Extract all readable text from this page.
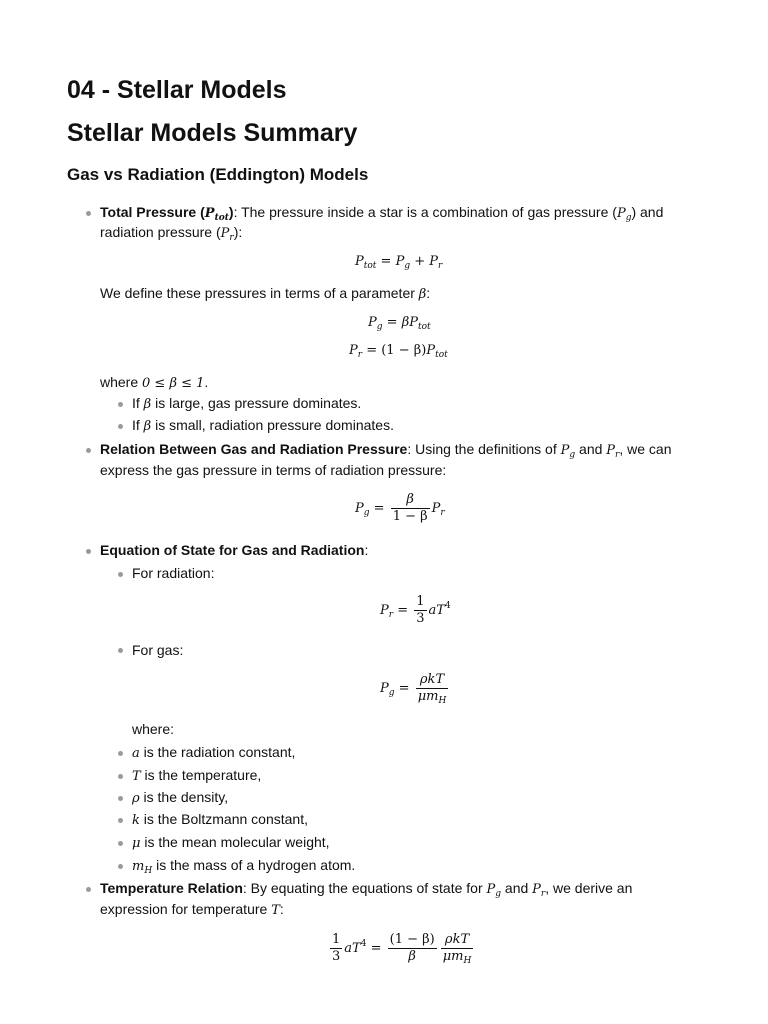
04 - Stellar Models
Stellar Models Summary
Gas vs Radiation (Eddington) Models
Total Pressure $(P_{tot})$: The pressure inside a star is a combination of gas pressure $(P_g)$ and
radiation pressure $(P_r)$:
$P_{tot} = P_g + P_r$
We define these pressures in terms of a parameter β:
$P_g = \beta P_{tot}$
$P_r = (1 - \beta)P_{tot}$
where 0 ≤ β ≤ 1.
If β is large, gas pressure dominates.
If β is small, radiation pressure dominates.
Relation Between Gas and Radiation Pressure: Using the definitions of $P_g$ and $P_r$, we can
express the gas pressure in terms of radiation pressure:
$P_g = \frac{\beta}{1 - \beta} P_r$
Equation of State for Gas and Radiation:
For radiation:
$P_r = \frac{1}{3} aT^4$
For gas:
$P_g = \frac{\text{ρkT}}{\mu m_H}$
where:
a is the radiation constant,
T is the temperature,
ρ is the density,
k is the Boltzmann constant,
μ is the mean molecular weight,
$m_H$ is the mass of a hydrogen atom.
Temperature Relation: By equating the equations of state for $P_g$ and $P_r$, we derive an
expression for temperature T:
$\frac{1}{3} aT^4 = \frac{(1 - \beta)}{\beta} \frac{\text{ρkT}}{\mu m_H}$
